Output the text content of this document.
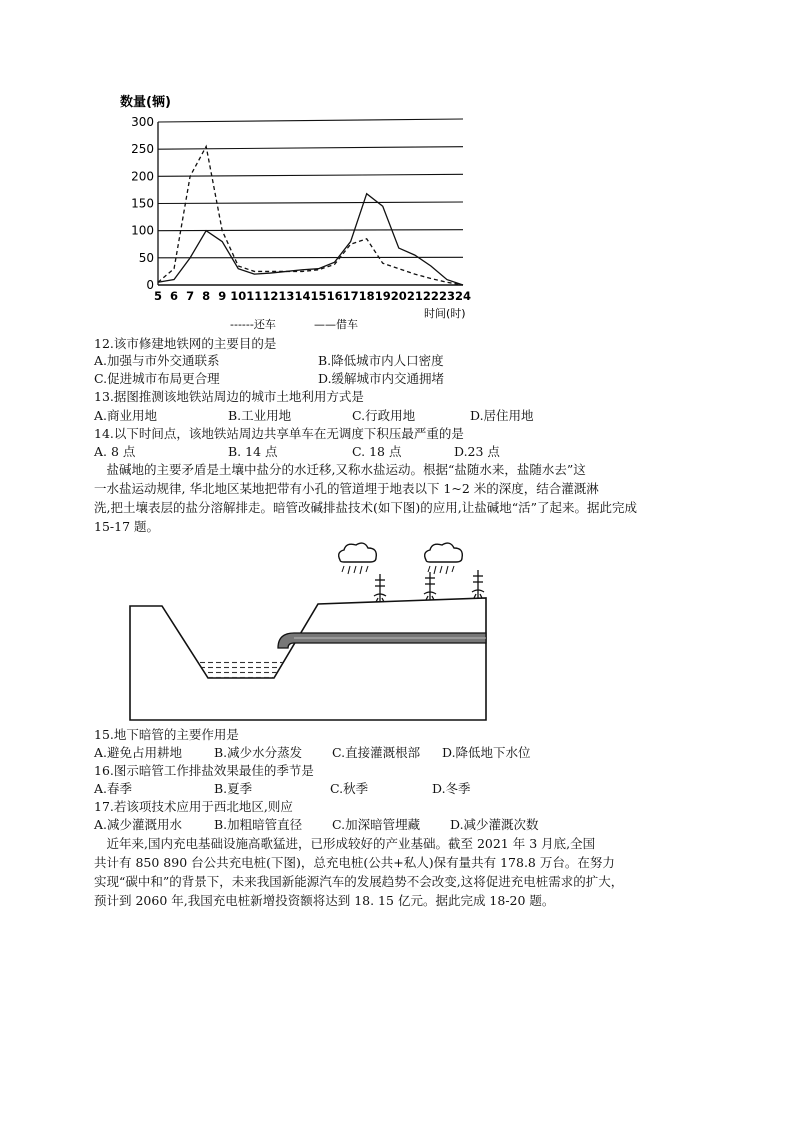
0
50
100
150
200
250
300
5 6 7 8 9 10 11 12 13 14 15 16 17 18 19 20 21 22 23 24
数量(辆)
时间(时)
------还车	——借车
12.该市修建地铁网的主要目的是
A.加强与市外交通联系	B.降低城市内人口密度
C.促进城市布局更合理	D.缓解城市内交通拥堵
13.据图推测该地铁站周边的城市土地利用方式是
A.商业用地	B.工业用地	C.行政用地	D.居住用地
14.以下时间点，该地铁站周边共享单车在无调度下积压最严重的是
A. 8 点	B. 14 点	C. 18 点	D.23 点
　盐碱地的主要矛盾是土壤中盐分的水迁移,又称水盐运动。根据“盐随水来，盐随水去”这
一水盐运动规律, 华北地区某地把带有小孔的管道埋于地表以下 1~2 米的深度，结合灌溉淋
洗,把土壤表层的盐分溶解排走。暗管改碱排盐技术(如下图)的应用,让盐碱地“活”了起来。据此完成
15-17 题。
15.地下暗管的主要作用是
A.避免占用耕地	B.减少水分蒸发 C.直接灌溉根部 D.降低地下水位
16.图示暗管工作排盐效果最佳的季节是
A.春季	B.夏季	C.秋季	D.冬季
17.若该项技术应用于西北地区,则应
A.减少灌溉用水	B.加粗暗管直径 C.加深暗管埋藏 D.减少灌溉次数
　近年来,国内充电基础设施高歌猛进，已形成较好的产业基础。截至 2021 年 3 月底,全国
共计有 850 890 台公共充电桩(下图)，总充电桩(公共+私人)保有量共有 178.8 万台。在努力
实现“碳中和”的背景下，未来我国新能源汽车的发展趋势不会改变,这将促进充电桩需求的扩大，
预计到 2060 年,我国充电桩新增投资额将达到 18. 15 亿元。据此完成 18-20 题。
